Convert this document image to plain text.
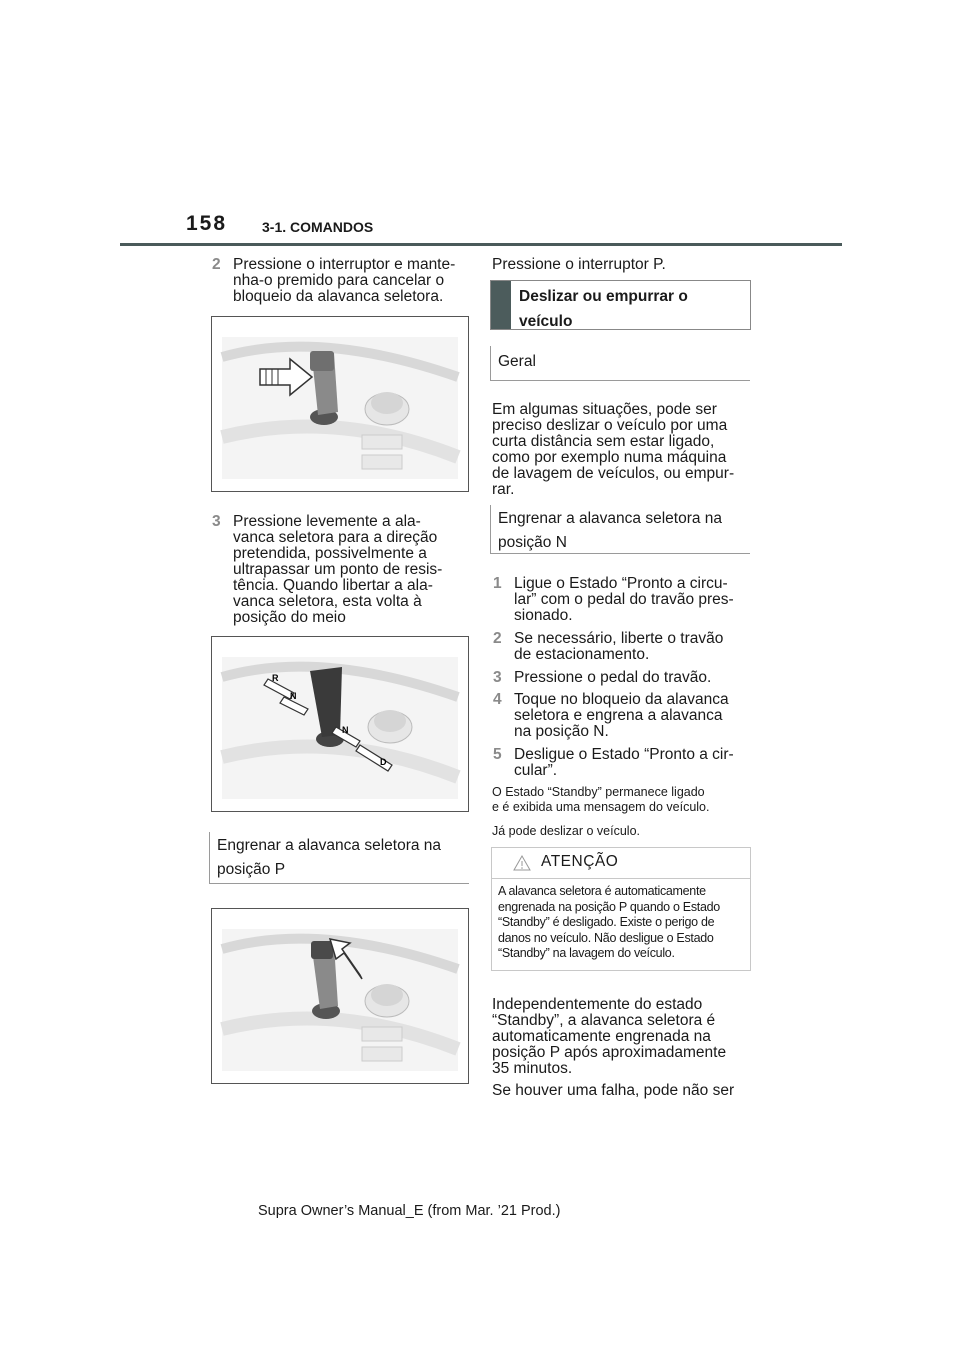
158 3-1. COMANDOS
2 Pressione o interruptor e mante-
nha-o premido para cancelar o
bloqueio da alavanca seletora.
3 Pressione levemente a ala-
vanca seletora para a direção
pretendida, possivelmente a
ultrapassar um ponto de resis-
tência. Quando libertar a ala-
vanca seletora, esta volta à
posição do meio
R
N
N
D
Engrenar a alavanca seletora na
posição P
Pressione o interruptor P.
Deslizar ou empurrar o
veículo
Geral
Em algumas situações, pode ser
preciso deslizar o veículo por uma
curta distância sem estar ligado,
como por exemplo numa máquina
de lavagem de veículos, ou empur-
rar.
Engrenar a alavanca seletora na
posição N
1 Ligue o Estado “Pronto a circu-
lar” com o pedal do travão pres-
sionado.
2 Se necessário, liberte o travão
de estacionamento.
3 Pressione o pedal do travão.
4 Toque no bloqueio da alavanca
seletora e engrena a alavanca
na posição N.
5 Desligue o Estado “Pronto a cir-
cular”.
O Estado “Standby” permanece ligado
e é exibida uma mensagem do veículo.
Já pode deslizar o veículo.
ATENÇÃO
A alavanca seletora é automaticamente
engrenada na posição P quando o Estado
“Standby” é desligado. Existe o perigo de
danos no veículo. Não desligue o Estado
“Standby” na lavagem do veículo.
Independentemente do estado
“Standby”, a alavanca seletora é
automaticamente engrenada na
posição P após aproximadamente
35 minutos.
Se houver uma falha, pode não ser
Supra Owner’s Manual_E (from Mar. ’21 Prod.)
